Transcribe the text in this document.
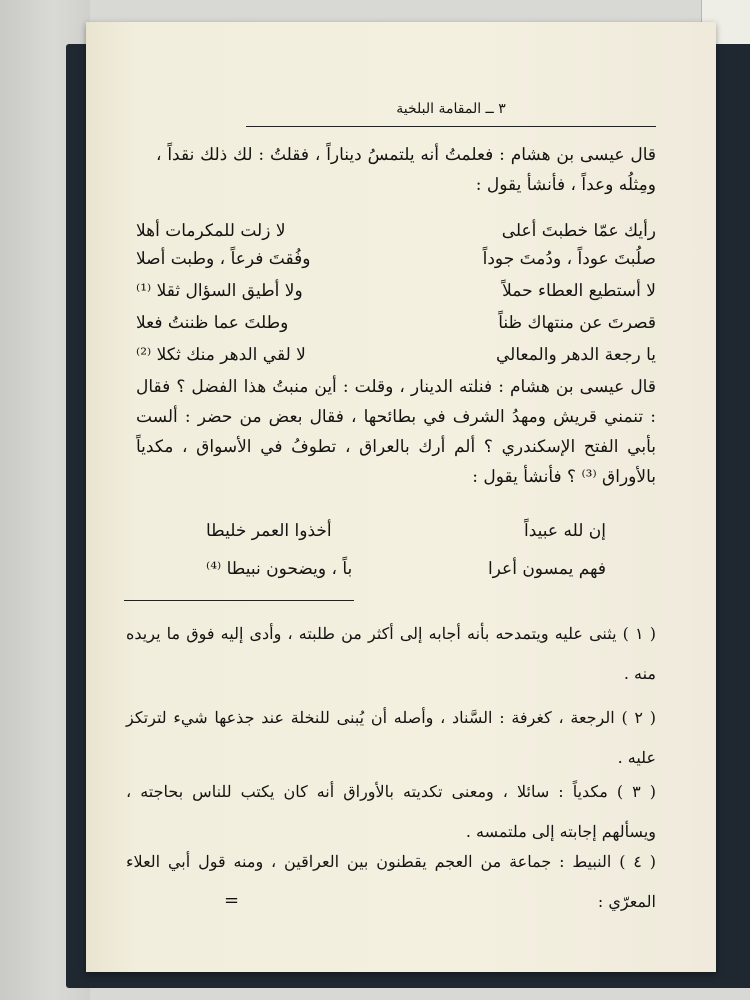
٣ ــ المقامة البلخية
قال عيسى بن هشام : فعلمتُ أنه يلتمسُ ديناراً ، فقلتُ : لك ذلك نقداً ، ومِثلُه وعداً ، فأنشأ يقول :
رأيك عمّا خطبتَ أعلى
لا زلت للمكرمات أهلا
صلُبتَ عوداً ، ودُمتَ جوداً
وفُقتَ فرعاً ، وطبت أصلا
لا أستطيع العطاء حملاً
ولا أطيق السؤال ثقلا ⁽¹⁾
قصرتَ عن منتهاك ظناً
وطلتَ عما ظننتُ فعلا
يا رجعة الدهر والمعالي
لا لقي الدهر منك ثكلا ⁽²⁾
قال عيسى بن هشام : فنلته الدينار ، وقلت : أين منبتُ هذا الفضل ؟ فقال : تنمني قريش ومهدُ الشرف في بطائحها ، فقال بعض من حضر : ألست بأبي الفتح الإسكندري ؟ ألم أرك بالعراق ، تطوفُ في الأسواق ، مكدياً بالأوراق ⁽³⁾ ؟ فأنشأ يقول :
إن لله عبيداً
أخذوا العمر خليطا
فهم يمسون أعرا
باً ، ويضحون نبيطا ⁽⁴⁾
( ١ ) يثنى عليه ويتمدحه بأنه أجابه إلى أكثر من طلبته ، وأدى إليه فوق ما يريده منه .
( ٢ ) الرجعة ، كغرفة : السَّناد ، وأصله أن يُبنى للنخلة عند جذعها شيء لترتكز عليه .
( ٣ ) مكدياً : سائلا ، ومعنى تكديته بالأوراق أنه كان يكتب للناس بحاجته ، ويسألهم إجابته إلى ملتمسه .
( ٤ ) النبيط : جماعة من العجم يقطنون بين العراقين ، ومنه قول أبي العلاء المعرّي :
=
